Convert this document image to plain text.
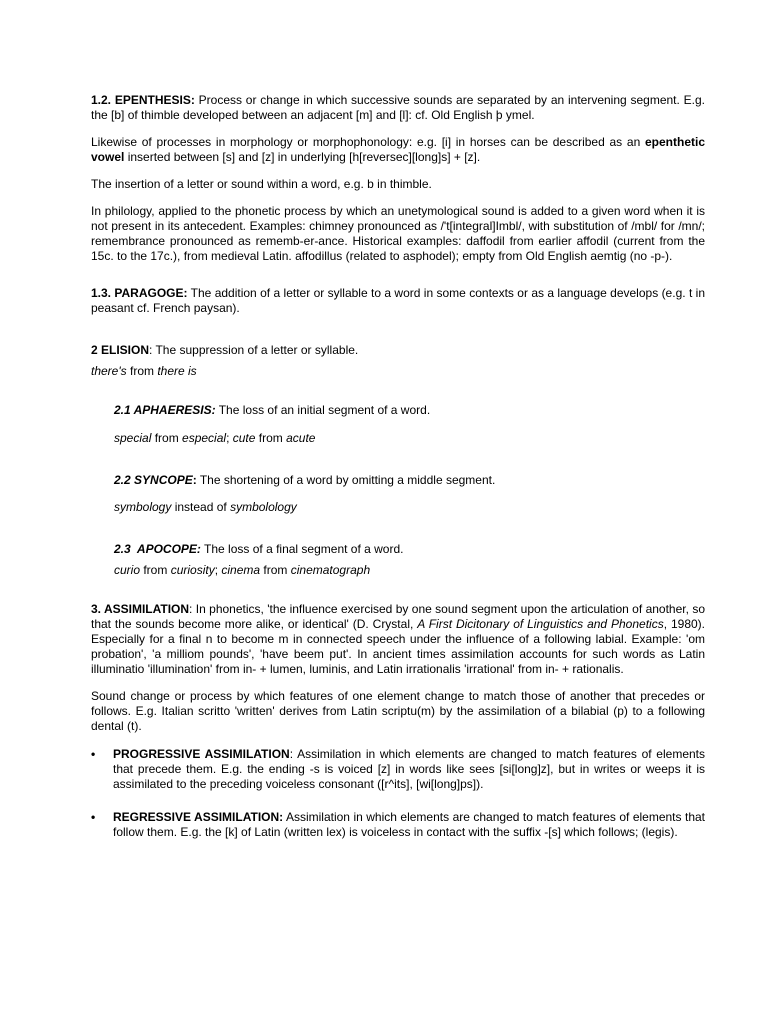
1.2. EPENTHESIS: Process or change in which successive sounds are separated by an intervening segment. E.g. the [b] of thimble developed between an adjacent [m] and [l]: cf. Old English þ ymel.

Likewise of processes in morphology or morphophonology: e.g. [i] in horses can be described as an epenthetic vowel inserted between [s] and [z] in underlying [h[reversec][long]s] + [z].

The insertion of a letter or sound within a word, e.g. b in thimble.

In philology, applied to the phonetic process by which an unetymological sound is added to a given word when it is not present in its antecedent. Examples: chimney pronounced as /'t[integral]Imbl/, with substitution of /mbl/ for /mn/; remembrance pronounced as rememb-er-ance. Historical examples: daffodil from earlier affodil (current from the 15c. to the 17c.), from medieval Latin. affodillus (related to asphodel); empty from Old English aemtig (no -p-).

1.3. PARAGOGE: The addition of a letter or syllable to a word in some contexts or as a language develops (e.g. t in peasant cf. French paysan).

2 ELISION: The suppression of a letter or syllable.

there's from there is

2.1 APHAERESIS: The loss of an initial segment of a word.

special from especial; cute from acute

2.2 SYNCOPE: The shortening of a word by omitting a middle segment.

symbology instead of symbolology

2.3  APOCOPE: The loss of a final segment of a word.

curio from curiosity; cinema from cinematograph

3. ASSIMILATION: In phonetics, 'the influence exercised by one sound segment upon the articulation of another, so that the sounds become more alike, or identical' (D. Crystal, A First Dicitonary of Linguistics and Phonetics, 1980). Especially for a final n to become m in connected speech under the influence of a following labial. Example: 'om probation', 'a milliom pounds', 'have beem put'. In ancient times assimilation accounts for such words as Latin illuminatio 'illumination' from in- + lumen, luminis, and Latin irrationalis 'irrational' from in- + rationalis.

Sound change or process by which features of one element change to match those of another that precedes or follows. E.g. Italian scritto 'written' derives from Latin scriptu(m) by the assimilation of a bilabial (p) to a following dental (t).

•	PROGRESSIVE ASSIMILATION: Assimilation in which elements are changed to match features of elements that precede them. E.g. the ending -s is voiced [z] in words like sees [si[long]z], but in writes or weeps it is assimilated to the preceding voiceless consonant ([r^its], [wi[long]ps]).
•	REGRESSIVE ASSIMILATION: Assimilation in which elements are changed to match features of elements that follow them. E.g. the [k] of Latin (written lex) is voiceless in contact with the suffix -[s] which follows; (legis).
